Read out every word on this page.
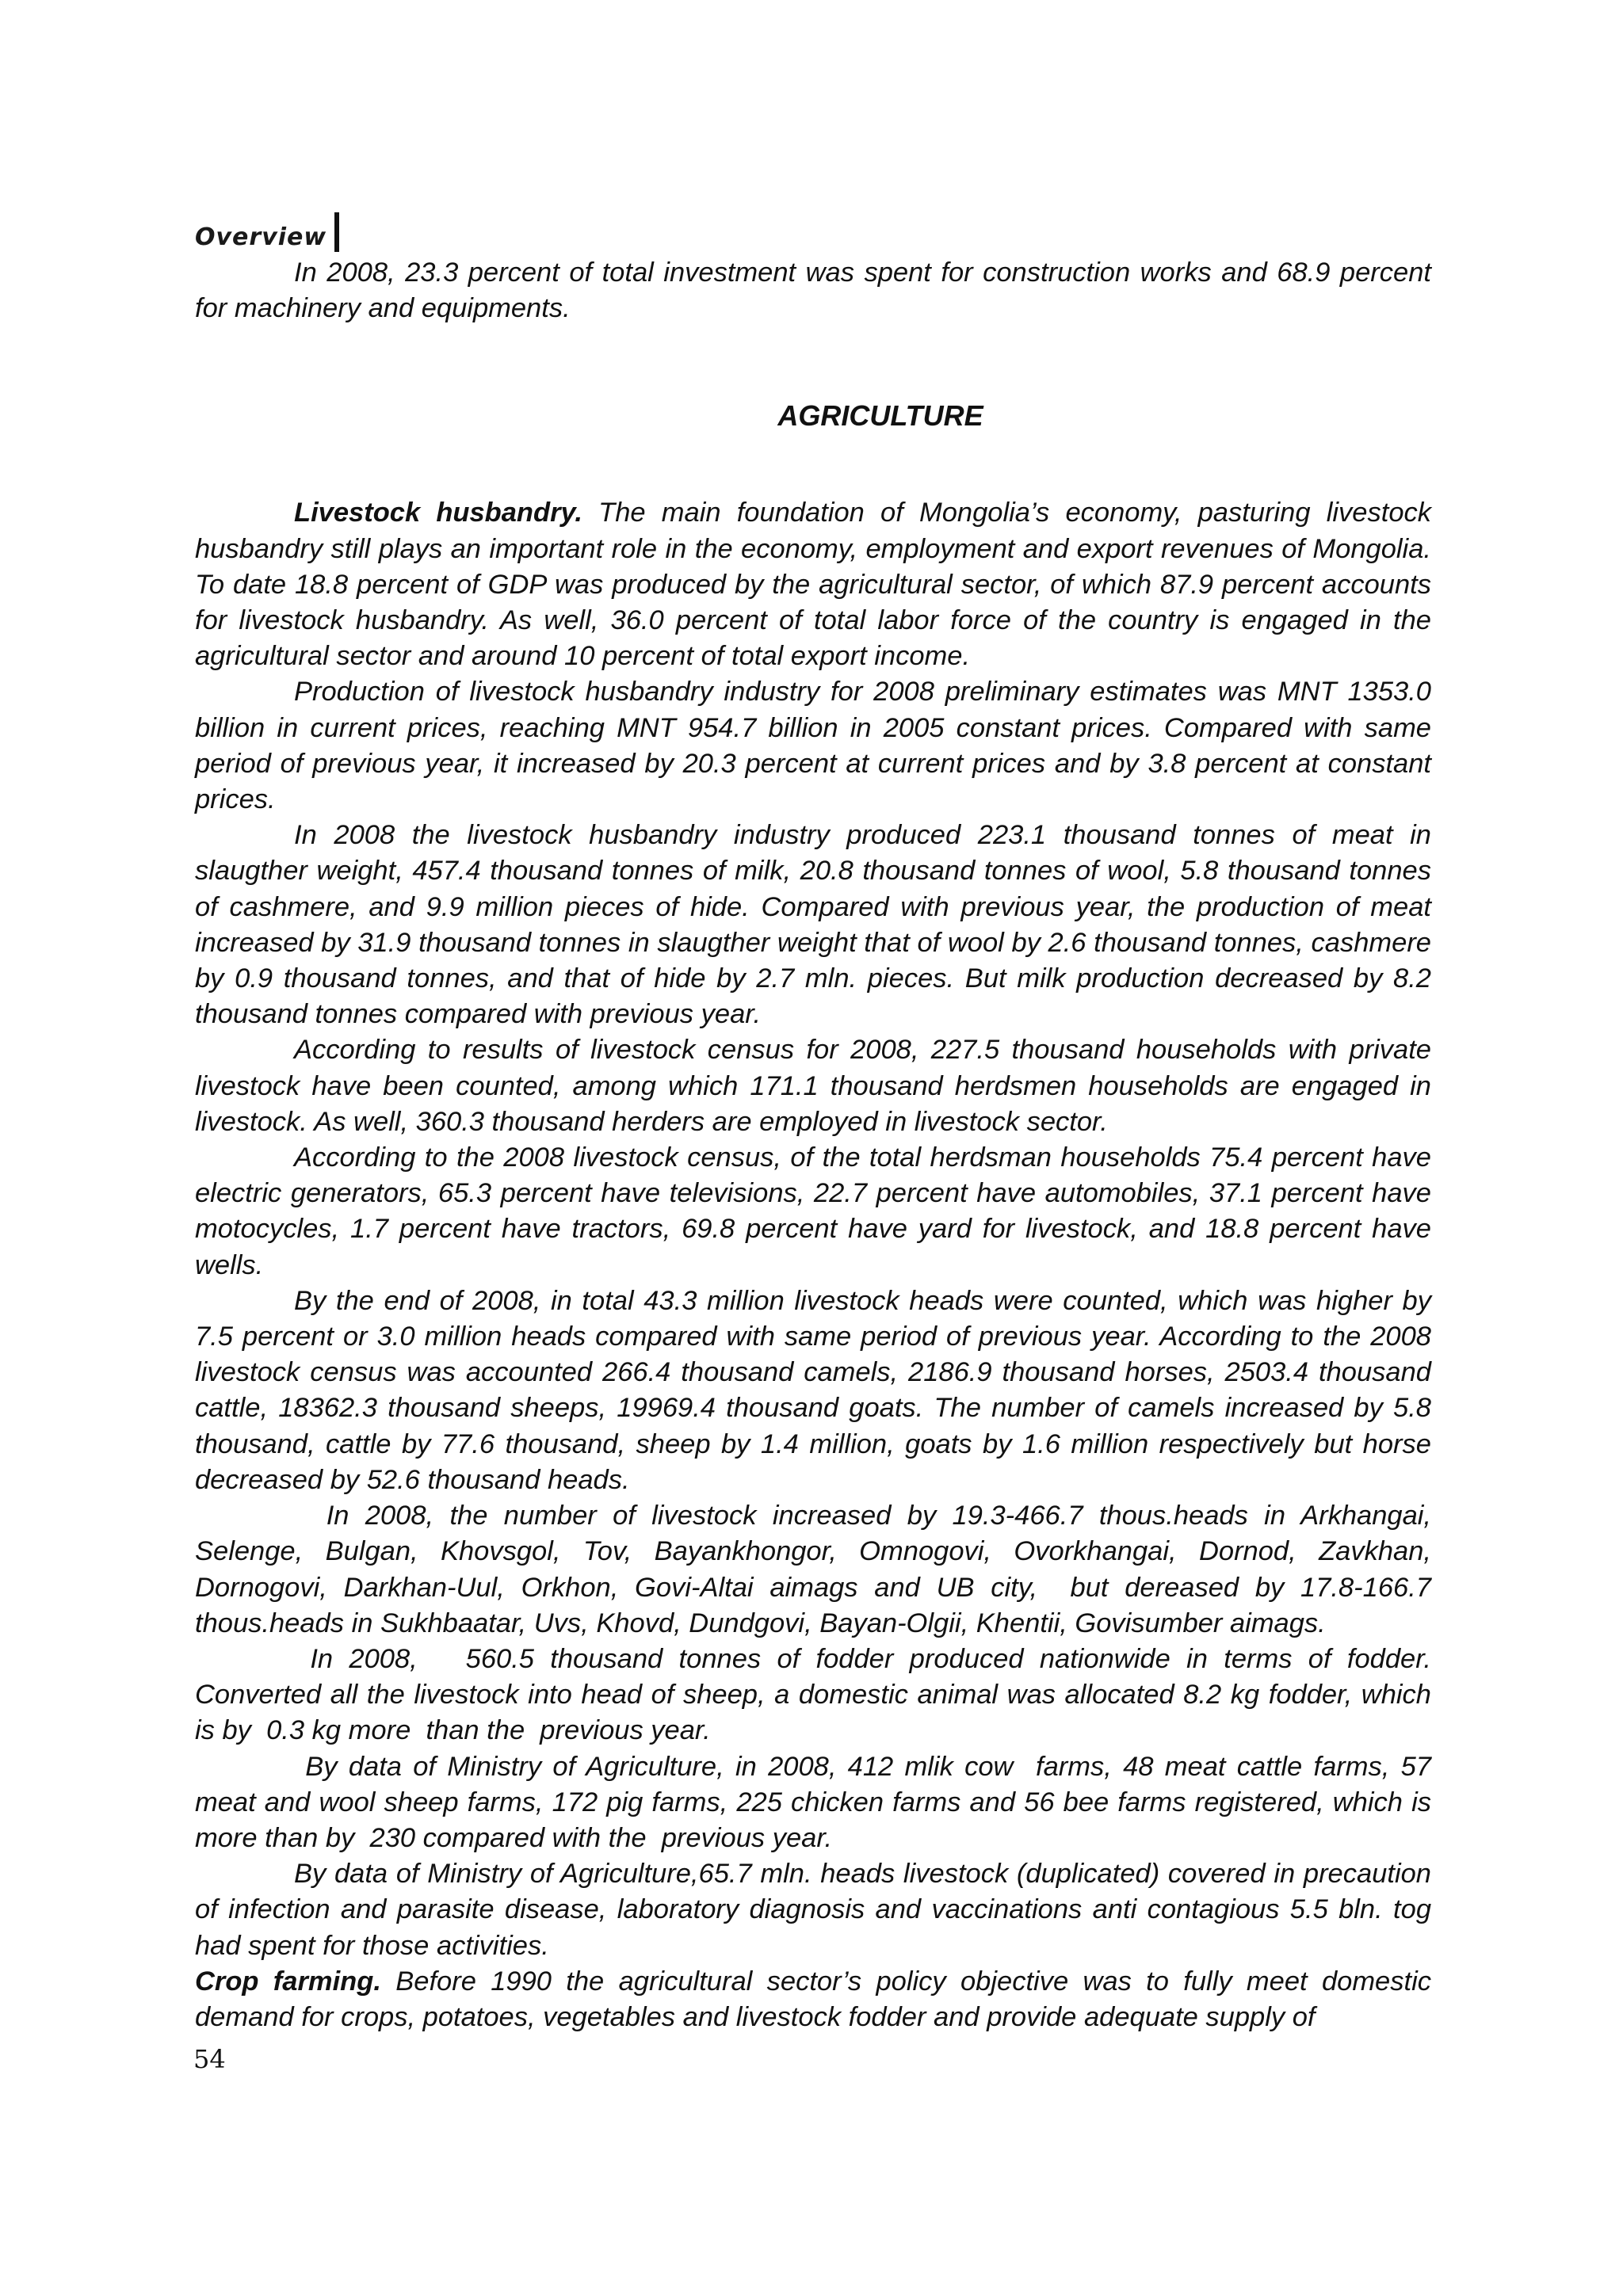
Overview

In 2008, 23.3 percent of total investment was spent for construction works and 68.9 percent for machinery and equipments.

AGRICULTURE

Livestock husbandry. The main foundation of Mongolia’s economy, pasturing livestock husbandry still plays an important role in the economy, employment and export revenues of Mongolia. To date 18.8 percent of GDP was produced by the agricultural sector, of which 87.9 percent accounts for livestock husbandry. As well, 36.0 percent of total labor force of the country is engaged in the agricultural sector and around 10 percent of total export income.

Production of livestock husbandry industry for 2008 preliminary estimates was MNT 1353.0 billion in current prices, reaching MNT 954.7 billion in 2005 constant prices. Compared with same period of previous year, it increased by 20.3 percent at current prices and by 3.8 percent at constant prices.

In 2008 the livestock husbandry industry produced 223.1 thousand tonnes of meat in slaugther weight, 457.4 thousand tonnes of milk, 20.8 thousand tonnes of wool, 5.8 thousand tonnes of cashmere, and 9.9 million pieces of hide. Compared with previous year, the production of meat increased by 31.9 thousand tonnes in slaugther weight that of wool by 2.6 thousand tonnes, cashmere by 0.9 thousand tonnes, and that of hide by 2.7 mln. pieces. But milk production decreased by 8.2 thousand tonnes compared with previous year.

According to results of livestock census for 2008, 227.5 thousand households with private livestock have been counted, among which 171.1 thousand herdsmen households are engaged in livestock. As well, 360.3 thousand herders are employed in livestock sector.

According to the 2008 livestock census, of the total herdsman households 75.4 percent have electric generators, 65.3 percent have televisions, 22.7 percent have automobiles, 37.1 percent have motocycles, 1.7 percent have tractors, 69.8 percent have yard for livestock, and 18.8 percent have wells.

By the end of 2008, in total 43.3 million livestock heads were counted, which was higher by 7.5 percent or 3.0 million heads compared with same period of previous year. According to the 2008 livestock census was accounted 266.4 thousand camels, 2186.9 thousand horses, 2503.4 thousand cattle, 18362.3 thousand sheeps, 19969.4 thousand goats. The number of camels increased by 5.8 thousand, cattle by 77.6 thousand, sheep by 1.4 million, goats by 1.6 million respectively but horse decreased by 52.6 thousand heads.

In 2008, the number of livestock increased by 19.3-466.7 thous.heads in Arkhangai, Selenge, Bulgan, Khovsgol, Tov, Bayankhongor, Omnogovi, Ovorkhangai, Dornod, Zavkhan, Dornogovi, Darkhan-Uul, Orkhon, Govi-Altai aimags and UB city,  but dereased by 17.8-166.7 thous.heads in Sukhbaatar, Uvs, Khovd, Dundgovi, Bayan-Olgii, Khentii, Govisumber aimags.

In 2008,   560.5 thousand tonnes of fodder produced nationwide in terms of fodder. Converted all the livestock into head of sheep, a domestic animal was allocated 8.2 kg fodder, which is by  0.3 kg more  than the  previous year.

By data of Ministry of Agriculture, in 2008, 412 mlik cow  farms, 48 meat cattle farms, 57 meat and wool sheep farms, 172 pig farms, 225 chicken farms and 56 bee farms registered, which is more than by  230 compared with the  previous year.

By data of Ministry of Agriculture,65.7 mln. heads livestock (duplicated) covered in precaution of infection and parasite disease, laboratory diagnosis and vaccinations anti contagious 5.5 bln. tog had spent for those activities.

Crop farming. Before 1990 the agricultural sector’s policy objective was to fully meet domestic demand for crops, potatoes, vegetables and livestock fodder and provide adequate supply of

54
